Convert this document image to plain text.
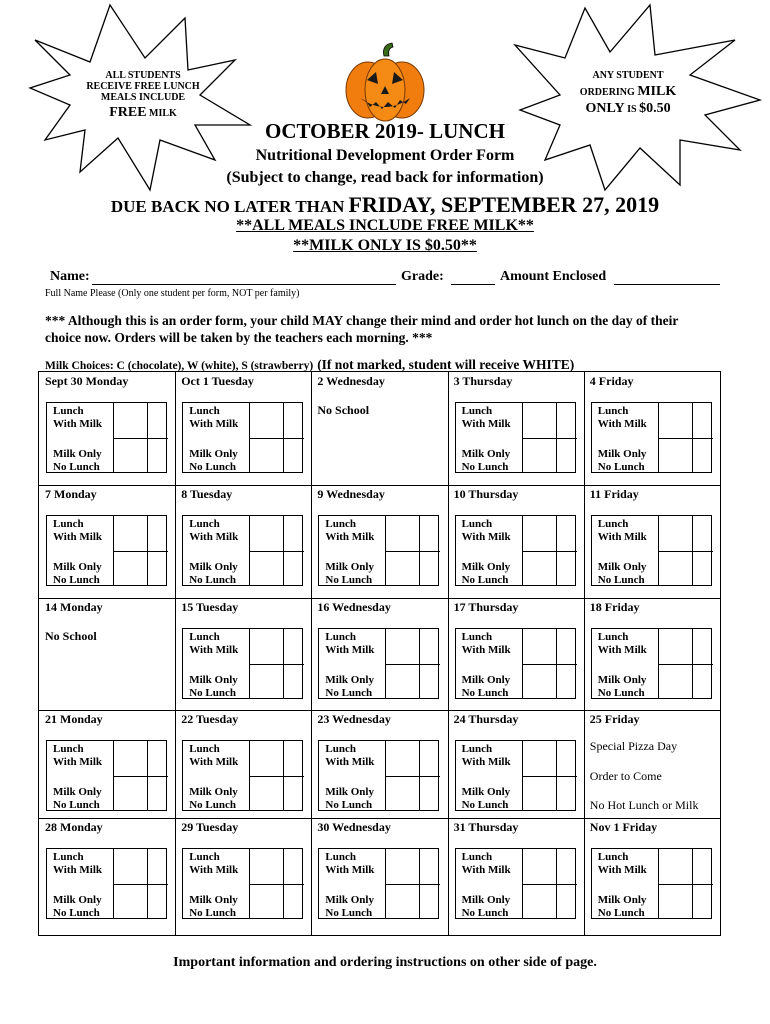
ALL STUDENTS
RECEIVE FREE LUNCH
MEALS INCLUDE
FREE MILK
ANY STUDENT
ORDERING MILK
ONLY IS $0.50
OCTOBER 2019- LUNCH
Nutritional Development Order Form
(Subject to change, read back for information)
DUE BACK NO LATER THAN FRIDAY, SEPTEMBER 27, 2019
**ALL MEALS INCLUDE FREE MILK**
**MILK ONLY IS $0.50**
Name:	Grade:	Amount Enclosed
Full Name Please (Only one student per form, NOT per family)
*** Although this is an order form, your child MAY change their mind and order hot lunch on the day of their choice now. Orders will be taken by the teachers each morning. ***
Milk Choices: C (chocolate), W (white), S (strawberry) (If not marked, student will receive WHITE)
Sept 30 Monday
Lunch
With Milk
Milk Only
No Lunch
Oct 1 Tuesday
Lunch
With Milk
Milk Only
No Lunch
2 Wednesday
No School
3 Thursday
Lunch
With Milk
Milk Only
No Lunch
4 Friday
Lunch
With Milk
Milk Only
No Lunch
7 Monday
Lunch
With Milk
Milk Only
No Lunch
8 Tuesday
Lunch
With Milk
Milk Only
No Lunch
9 Wednesday
Lunch
With Milk
Milk Only
No Lunch
10 Thursday
Lunch
With Milk
Milk Only
No Lunch
11 Friday
Lunch
With Milk
Milk Only
No Lunch
14 Monday
No School
15 Tuesday
Lunch
With Milk
Milk Only
No Lunch
16 Wednesday
Lunch
With Milk
Milk Only
No Lunch
17 Thursday
Lunch
With Milk
Milk Only
No Lunch
18 Friday
Lunch
With Milk
Milk Only
No Lunch
21 Monday
Lunch
With Milk
Milk Only
No Lunch
22 Tuesday
Lunch
With Milk
Milk Only
No Lunch
23 Wednesday
Lunch
With Milk
Milk Only
No Lunch
24 Thursday
Lunch
With Milk
Milk Only
No Lunch
25 Friday
Special Pizza Day
Order to Come
No Hot Lunch or Milk
28 Monday
Lunch
With Milk
Milk Only
No Lunch
29 Tuesday
Lunch
With Milk
Milk Only
No Lunch
30 Wednesday
Lunch
With Milk
Milk Only
No Lunch
31 Thursday
Lunch
With Milk
Milk Only
No Lunch
Nov 1 Friday
Lunch
With Milk
Milk Only
No Lunch
Important information and ordering instructions on other side of page.
